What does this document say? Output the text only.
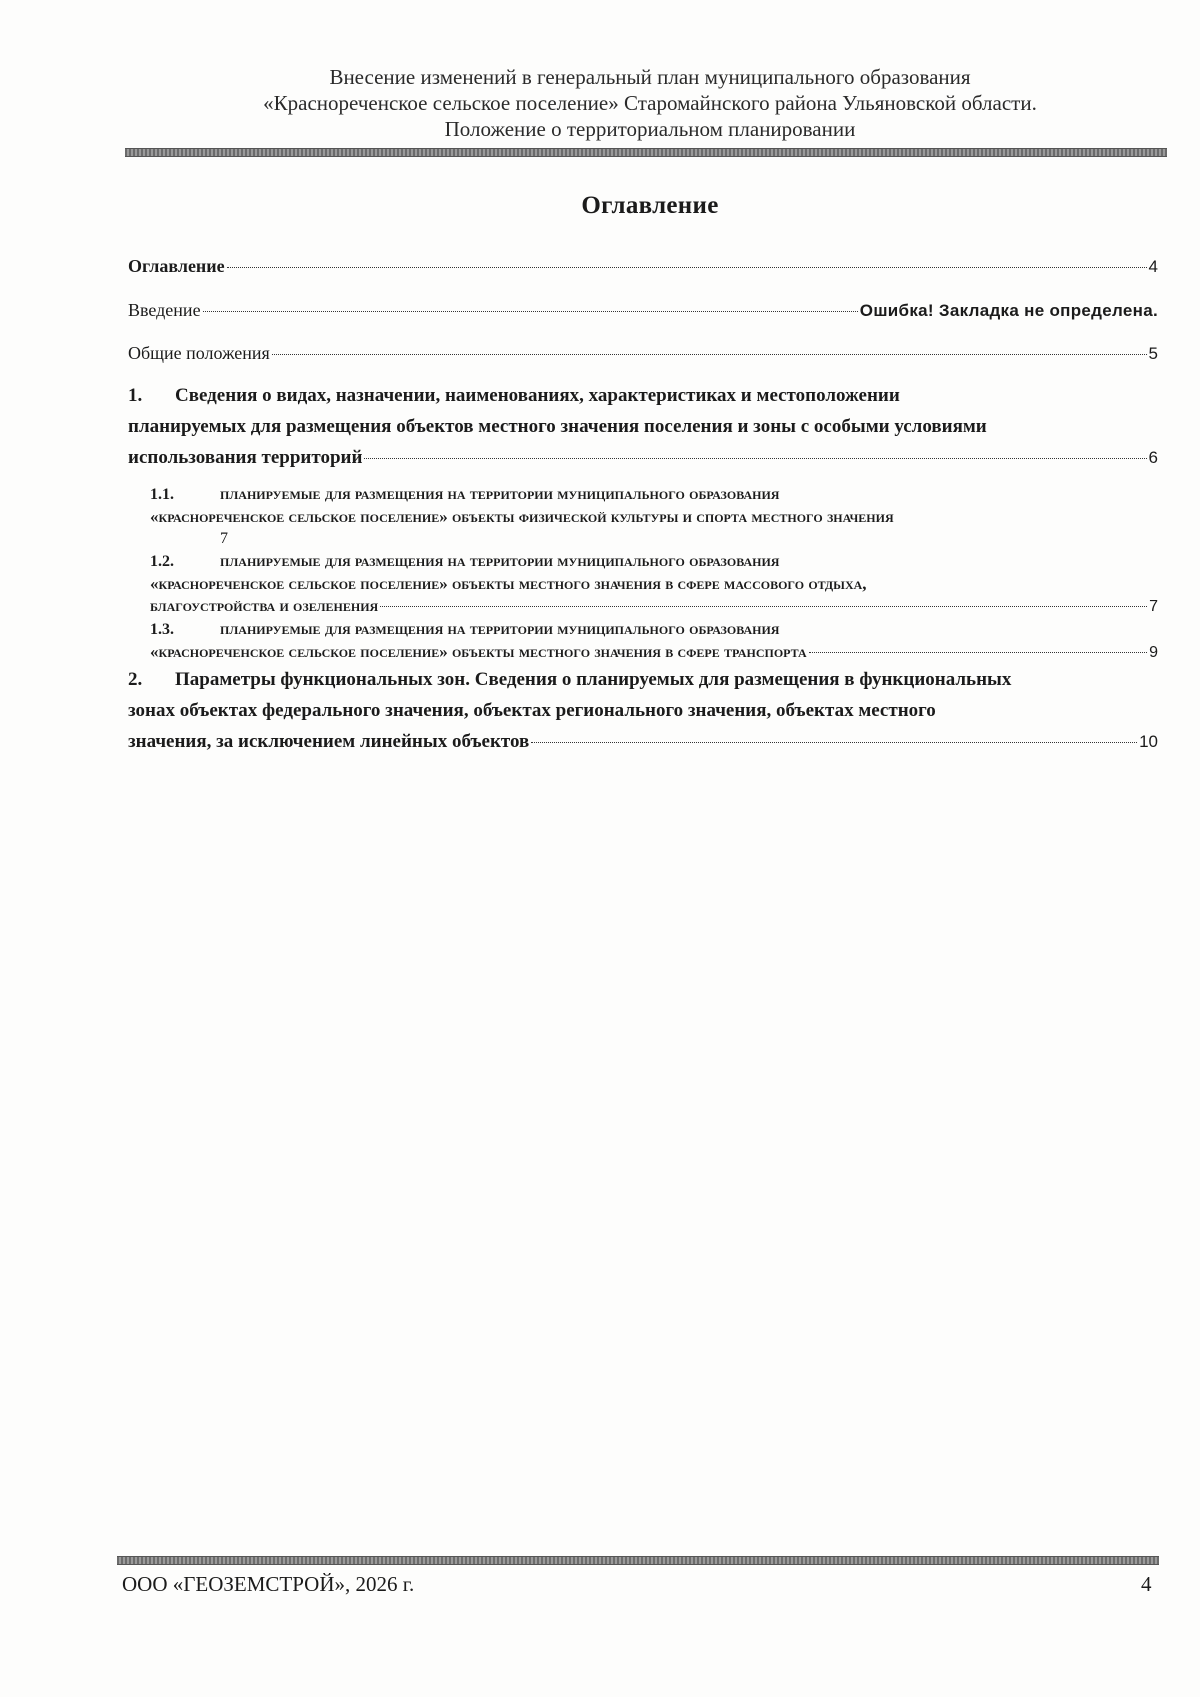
Внесение изменений в генеральный план муниципального образования
«Красноречeнское сельское поселение» Старомайнского района Ульяновской области.
Положение о территориальном планировании
Оглавление
Оглавление	4
Введение	Ошибка! Закладка не определена.
Общие положения	5
1. Сведения о видах, назначении, наименованиях, характеристиках и местоположении
планируемых для размещения объектов местного значения поселения и зоны с особыми условиями
использования территорий	6
1.1.	планируемые для размещения на территории муниципального образования
«краснореченское сельское поселение» объекты физической культуры и спорта местного значения
7
1.2.	планируемые для размещения на территории муниципального образования
«краснореченское сельское поселение» объекты местного значения в сфере массового отдыха,
благоустройства и озеленения	7
1.3.	планируемые для размещения на территории муниципального образования
«краснореченское сельское поселение» объекты местного значения в сфере транспорта	9
2. Параметры функциональных зон. Сведения о планируемых для размещения в функциональных
зонах объектах федерального значения, объектах регионального значения, объектах местного
значения, за исключением линейных объектов	10
ООО «ГЕОЗЕМСТРОЙ», 2026 г.	4
